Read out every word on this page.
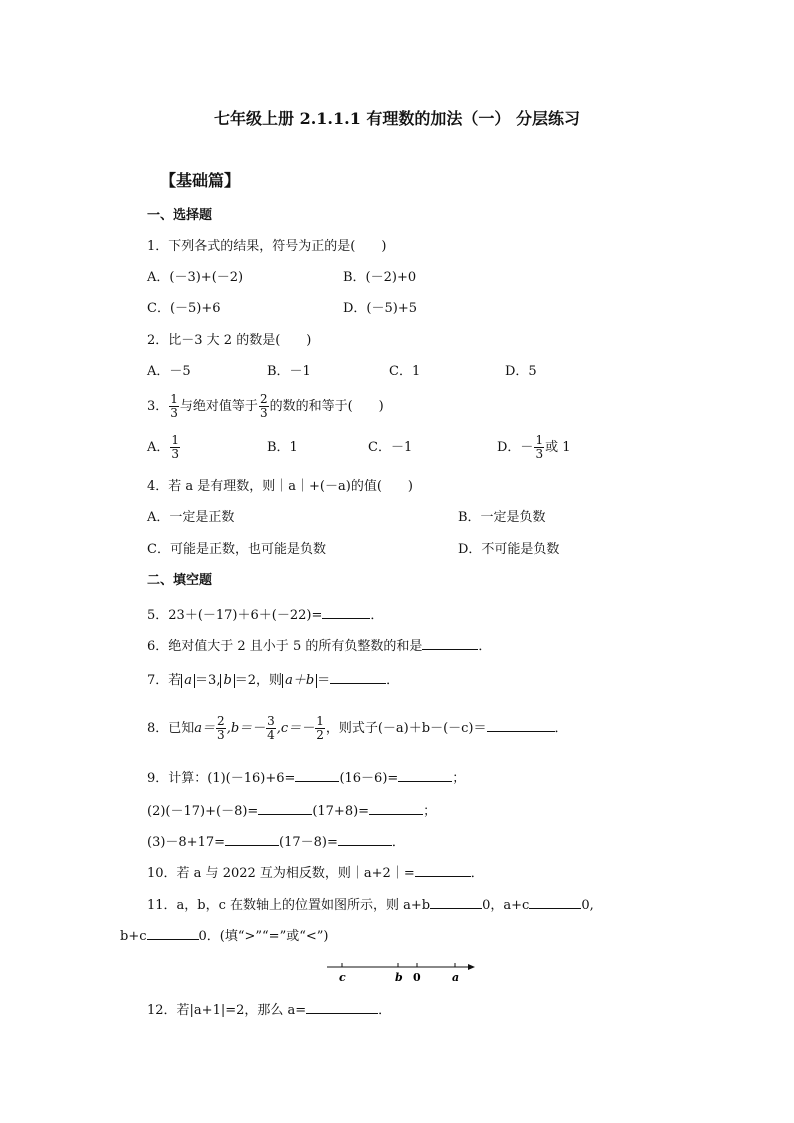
七年级上册 2.1.1.1 有理数的加法（一） 分层练习
【基础篇】
一、选择题
1．下列各式的结果，符号为正的是(　　)
A．(－3)+(－2)	B．(－2)+0
C．(－5)+6	D．(－5)+5
2．比－3 大 2 的数是(　　)
A．－5	B．－1	C．1	D．5
3． $\frac{1}{3}$ 与绝对值等于 $\frac{2}{3}$ 的数的和等于(　　)
A． $\frac{1}{3}$	B．1	C．－1	D．－ $\frac{1}{3}$ 或 1
4．若 a 是有理数，则｜a｜+(－a)的值(　　)
A．一定是正数	B．一定是负数
C．可能是正数，也可能是负数	D．不可能是负数
二、填空题
5．23＋(－17)＋6＋(－22)=	．
6．绝对值大于 2 且小于 5 的所有负整数的和是	．
7．若 a ＝3, b ＝2，则 a＋b ＝	．
8．已知$a= \frac{2}{3} ,b=- \frac{3}{4} ,c=- \frac{1}{2}$ ，则式子(－a)＋b－(－c)＝	．
9．计算：(1)(－16)+6=	(16－6)=	；
(2)(－17)+(－8)=	(17+8)=	；
(3)－8+17=	(17－8)=	．
10．若 a 与 2022 互为相反数，则｜a+2｜=	．
11．a，b，c 在数轴上的位置如图所示，则 a+b	0，a+c	0,
b+c	0．(填“>”“=”或“<”)
c	b 0	a
12．若|a+1|=2，那么 a=	．
